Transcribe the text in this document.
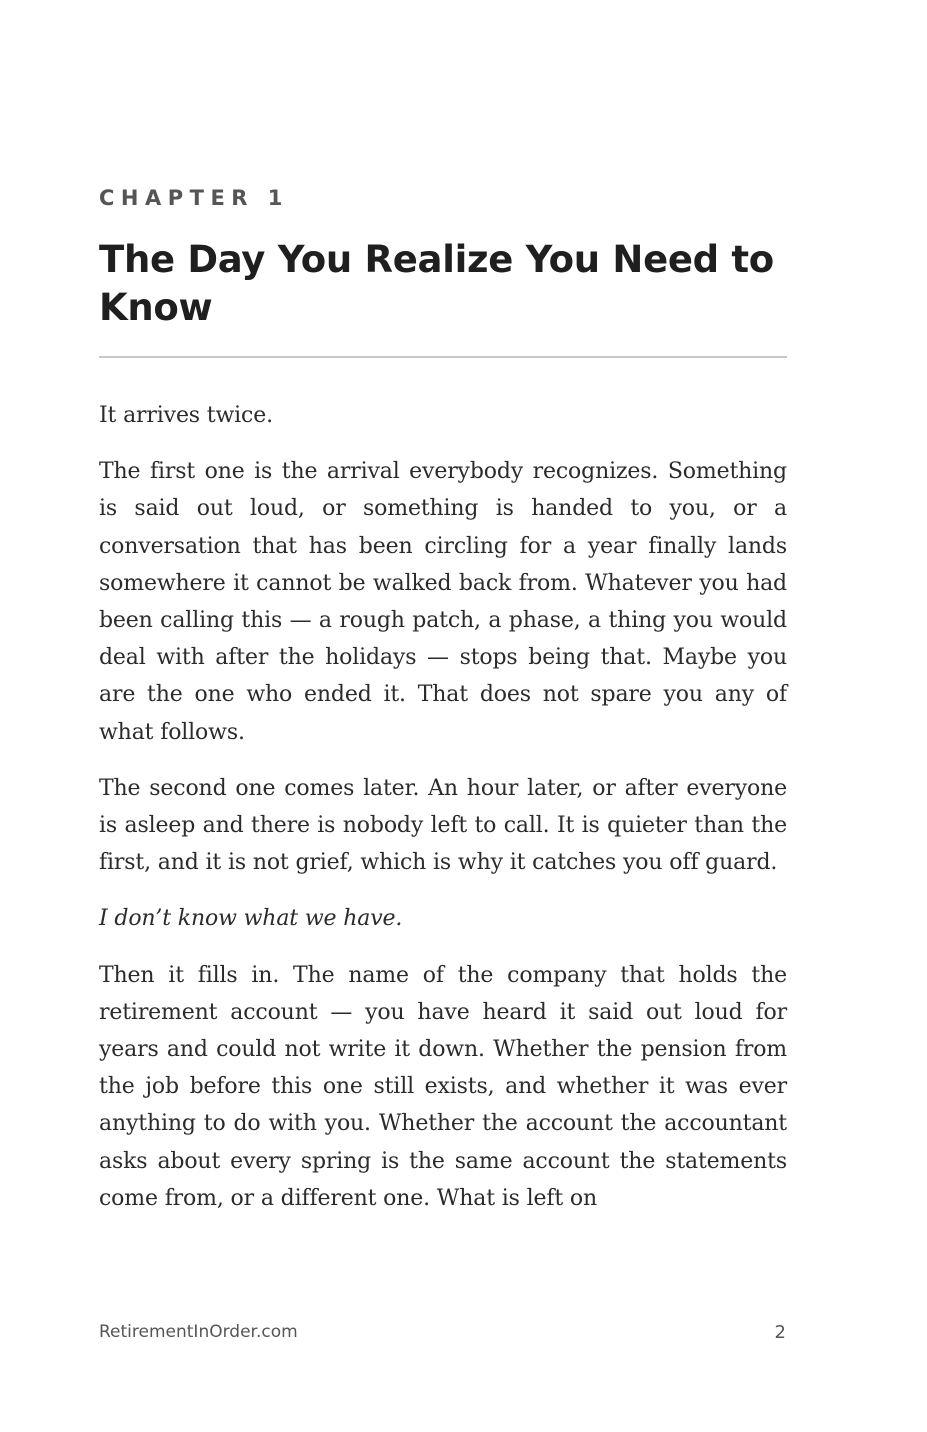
CHAPTER 1
The Day You Realize You Need to Know

It arrives twice.

The first one is the arrival everybody recognizes. Something is said out loud, or something is handed to you, or a conversation that has been circling for a year finally lands somewhere it cannot be walked back from. Whatever you had been calling this — a rough patch, a phase, a thing you would deal with after the holidays — stops being that. Maybe you are the one who ended it. That does not spare you any of what follows.

The second one comes later. An hour later, or after everyone is asleep and there is nobody left to call. It is quieter than the first, and it is not grief, which is why it catches you off guard.

I don’t know what we have.

Then it fills in. The name of the company that holds the retirement account — you have heard it said out loud for years and could not write it down. Whether the pension from the job before this one still exists, and whether it was ever anything to do with you. Whether the account the accountant asks about every spring is the same account the statements come from, or a different one. What is left on

RetirementInOrder.com	2
